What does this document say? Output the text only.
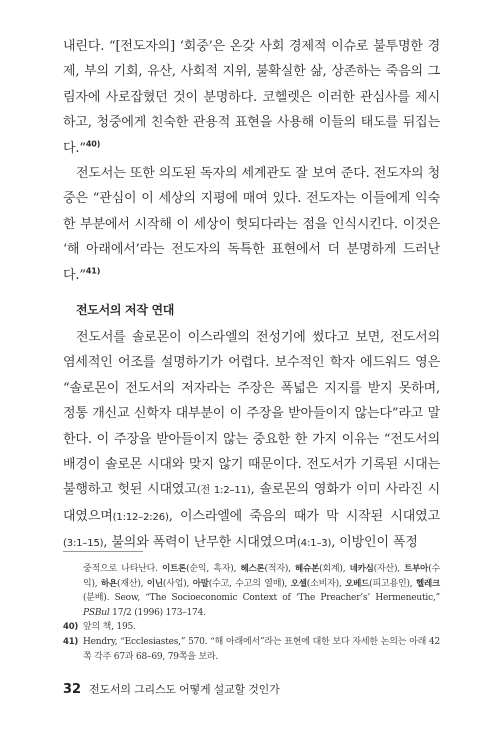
내린다. “[전도자의] ‘회중’은 온갖 사회 경제적 이슈로 불투명한 경제, 부의 기회, 유산, 사회적 지위, 불확실한 삶, 상존하는 죽음의 그림자에 사로잡혔던 것이 분명하다. 코헬렛은 이러한 관심사를 제시하고, 청중에게 친숙한 관용적 표현을 사용해 이들의 태도를 뒤집는다.”$^{40)}$

전도서는 또한 의도된 독자의 세계관도 잘 보여 준다. 전도자의 청중은 “관심이 이 세상의 지평에 매여 있다. 전도자는 이들에게 익숙한 부분에서 시작해 이 세상이 헛되다라는 점을 인식시킨다. 이것은 ‘해 아래에서’라는 전도자의 독특한 표현에서 더 분명하게 드러난다.”$^{41)}$

전도서의 저작 연대

전도서를 솔로몬이 이스라엘의 전성기에 썼다고 보면, 전도서의 염세적인 어조를 설명하기가 어렵다. 보수적인 학자 에드워드 영은 “솔로몬이 전도서의 저자라는 주장은 폭넓은 지지를 받지 못하며, 정통 개신교 신학자 대부분이 이 주장을 받아들이지 않는다”라고 말한다. 이 주장을 받아들이지 않는 중요한 한 가지 이유는 “전도서의 배경이 솔로몬 시대와 맞지 않기 때문이다. 전도서가 기록된 시대는 불행하고 헛된 시대였고(전 1:2–11), 솔로몬의 영화가 이미 사라진 시대였으며(1:12–2:26), 이스라엘에 죽음의 때가 막 시작된 시대였고(3:1–15), 불의와 폭력이 난무한 시대였으며(4:1–3), 이방인이 폭정

중적으로 나타난다. 이트론(순익, 흑자), 헤스론(적자), 헤슈본(회계), 네카심(자산), 트부아(수익), 하욘(재산), 이닌(사업), 아말(수고, 수고의 열매), 오셀(소비자), 오베드(피고용인), 헬레크(분배). Seow, “The Socioeconomic Context of ‘The Preacher’s’ Hermeneutic,” PSBul 17/2 (1996) 173–174.

40) 앞의 책, 195.

41) Hendry, “Ecclesiastes,” 570. “해 아래에서”라는 표현에 대한 보다 자세한 논의는 아래 42쪽 각주 67과 68–69, 79쪽을 보라.

32 전도서의 그리스도 어떻게 설교할 것인가
